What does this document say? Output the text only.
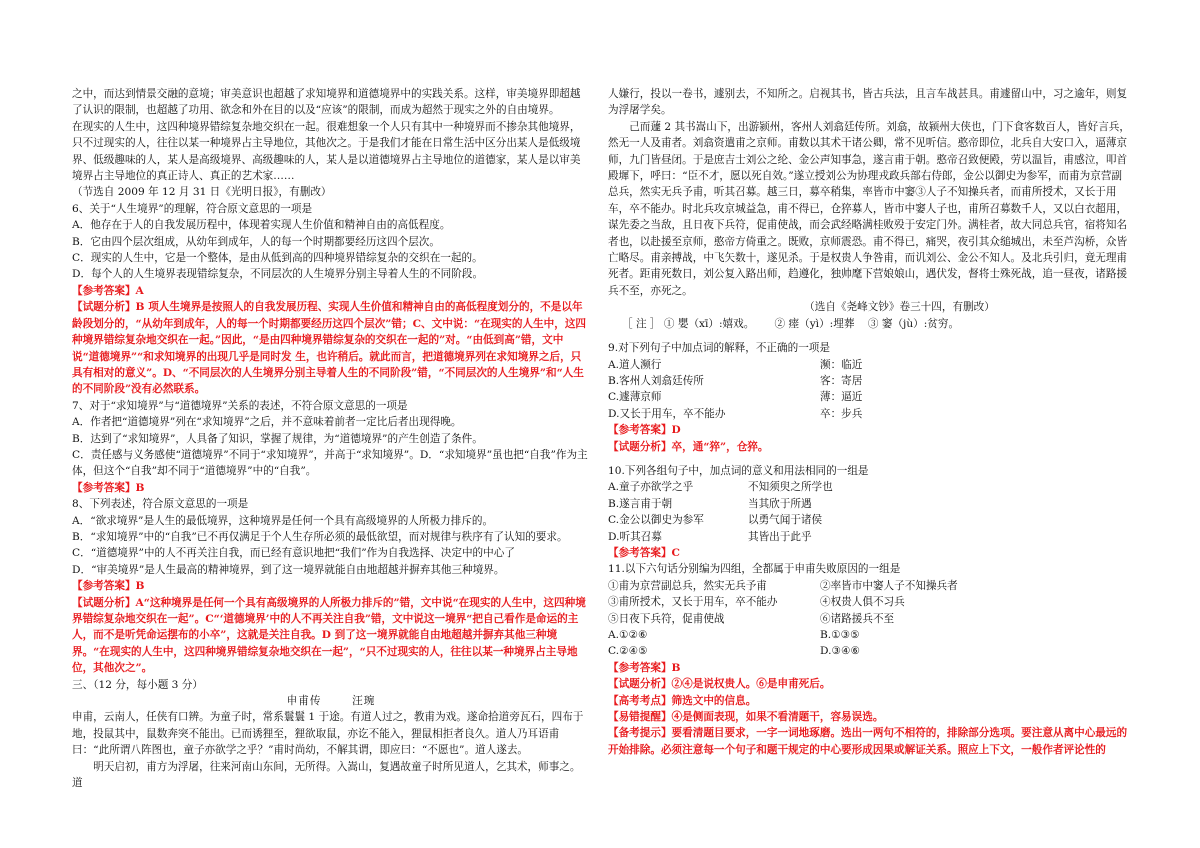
之中，而达到情景交融的意境；审美意识也超越了求知境界和道德境界中的实践关系。这样，审美境界即超越了认识的限制，也超越了功用、欲念和外在目的以及“应该”的限制，而成为超然于现实之外的自由境界。

在现实的人生中，这四种境界错综复杂地交织在一起。很难想象一个人只有其中一种境界而不掺杂其他境界，只不过现实的人，往往以某一种境界占主导地位，其他次之。于是我们才能在日常生活中区分出某人是低级境界、低级趣味的人，某人是高级境界、高级趣味的人，某人是以道德境界占主导地位的道德家，某人是以审美境界占主导地位的真正诗人、真正的艺术家……

（节选自 2009 年 12 月 31 日《光明日报》，有删改）

6、关于“人生境界”的理解，符合原文意思的一项是

A．他存在于人的自我发展历程中，体现着实现人生价值和精神自由的高低程度。

B．它由四个层次组成，从幼年到成年，人的每一个时期都要经历这四个层次。

C．现实的人生中，它是一个整体，是由从低到高的四种境界错综复杂的交织在一起的。

D．每个人的人生境界表现错综复杂，不同层次的人生境界分别主导着人生的不同阶段。

【参考答案】A

【试题分析】B 项人生境界是按照人的自我发展历程、实现人生价值和精神自由的高低程度划分的，不是以年龄段划分的，“从幼年到成年，人的每一个时期都要经历这四个层次”错；C、文中说：“在现实的人生中，这四种境界错综复杂地交织在一起。”因此，“是由四种境界错综复杂的交织在一起的”对。“由低到高”错，文中说“道德境界”“和求知境界的出现几乎是同时发 生，也许稍后。就此而言，把道德境界列在求知境界之后，只具有相对的意义”。D、“不同层次的人生境界分别主导着人生的不同阶段”错，“不同层次的人生境界”和“人生的不同阶段”没有必然联系。

7、对于“求知境界”与“道德境界”关系的表述，不符合原文意思的一项是

A．作者把“道德境界”列在“求知境界”之后，并不意味着前者一定比后者出现得晚。

B．达到了“求知境界”，人具备了知识，掌握了规律，为“道德境界”的产生创造了条件。

C．责任感与义务感使“道德境界”不同于“求知境界”，并高于“求知境界”。D．“求知境界”虽也把“自我”作为主体，但这个“自我”却不同于“道德境界”中的“自我”。

【参考答案】B

8、下列表述，符合原文意思的一项是

A．“欲求境界”是人生的最低境界，这种境界是任何一个具有高级境界的人所极力排斥的。

B．“求知境界”中的“自我”已不再仅满足于个人生存所必须的最低欲望，而对规律与秩序有了认知的要求。

C．“道德境界”中的人不再关注自我，而已经有意识地把“我们”作为自我选择、决定中的中心了

D．“审美境界”是人生最高的精神境界，到了这一境界就能自由地超越并摒弃其他三种境界。

【参考答案】B

【试题分析】A“这种境界是任何一个具有高级境界的人所极力排斥的”错，文中说“在现实的人生中，这四种境界错综复杂地交织在一起”。C“‘道德境界’中的人不再关注自我”错，文中说这一境界“把自己看作是命运的主人，而不是听凭命运摆布的小卒”，这就是关注自我。D 到了这一境界就能自由地超越并摒弃其他三种境界。“在现实的人生中，这四种境界错综复杂地交织在一起”，“只不过现实的人，往往以某一种境界占主导地位，其他次之”。

三、（12 分，每小题 3 分）

申甫传	汪琬

申甫，云南人，任侠有口辨。为童子时，常系鬟鬟 1 于途。有道人过之，教甫为戏。遂命拾道旁瓦石，四布于地，投鼠其中，鼠数奔突不能出。已而诱狸至，狸欲取鼠，亦讫不能入，狸鼠相拒者良久。道人乃耳语甫曰：“此所谓八阵图也，童子亦欲学之乎？”甫时尚幼，不解其谓，即应曰：“不愿也”。道人遂去。

明天启初，甫方为浮屠，往来河南山东间，无所得。入嵩山，复遇故童子时所见道人，乞其术，师事之。道

人嫌行，投以一卷书，遽别去，不知所之。启视其书，皆古兵法，且言车战甚具。甫遽留山中，习之逾年，则复为浮屠学矣。

己而蘧 2 其书嵩山下，出游颍州，客州人刘翕廷传所。刘翕，故颍州大侠也，门下食客数百人，皆好言兵，然无一人及甫者。刘翕资遣甫之京师。甫数以其术干诸公卿，常不见听信。憨帝即位，北兵自大安口入，逼薄京师，九门皆昼闭。于是庶吉士刘公之纶、金公声知事急，遂言甫于朝。憨帝召致便殿，劳以温旨，甫感泣，叩首殿墀下，呼曰：“臣不才，愿以死自效。”遂立授刘公为协理戎政兵部右侍郎，金公以御史为参军，而甫为京营副总兵，然实无兵予甫，听其召募。越三日，募卒稍集，率皆市中窭③人子不知操兵者，而甫所授术，又长于用车，卒不能办。时北兵攻京城益急，甫不得已，仓猝募人，皆市中窭人子也，甫所召募数千人，又以白衣超用，谋先委之当敌，且日夜下兵符，促甫使战，而会武经略满桂败殁于安定门外。满桂者，故大同总兵官，宿将知名者也，以赴援至京师，憨帝方倚重之。既败，京师震恐。甫不得已，痛哭，夜引其众缒城出，未至芦沟桥，众皆亡略尽。甫亲搏战，中飞矢数十，遂见杀。于是权贵人争咎甫，而讥刘公、金公不知人。及北兵引归，竟无理甫死者。距甫死数日，刘公复入路出师，趋遵化，独帅麾下营娘娘山，遇伏发，督将士殊死战，追一昼夜，诸路援兵不至，亦死之。

（选自《尧峰文钞》卷三十四，有删改）

［ 注 ］ ① 嬰（xī）:嬉戏。      ② 瘗（yì）:埋葬    ③ 窭（jù）:贫穷。

9.对下列句子中加点词的解释，不正确的一项是

A.道人濒行	濒：临近
B.客州人刘翕廷传所	客：寄居
C.遽薄京师	薄：逼近
D.又长于用车，卒不能办	卒：步兵

【参考答案】D

【试题分析】卒，通“猝”，仓猝。

10.下列各组句子中，加点词的意义和用法相同的一组是

A.童子亦欲学之乎	不知须臾之所学也
B.遂言甫于朝	当其欣于所遇
C.金公以御史为参军	以勇气闻于诸侯
D.听其召募	其皆出于此乎

【参考答案】C

11.以下六句话分别编为四组，全都属于申甫失败原因的一组是

①甫为京营副总兵，然实无兵予甫	②率皆市中窭人子不知操兵者
③甫所授术，又长于用车，卒不能办	④权贵人俱不习兵
⑤日夜下兵符，促甫使战	⑥诸路援兵不至
A.①②⑥	B.①③⑤
C.②④⑤	D.③④⑥

【参考答案】B

【试题分析】②④是说权贵人。⑥是申甫死后。

【高考考点】筛选文中的信息。

【易错提醒】④是侧面表现，如果不看清题干，容易误选。

【备考提示】要看清题目要求，一字一词地琢磨。选出一两句不相符的，排除部分选项。要注意从离中心最远的开始排除。必须注意每一个句子和题干规定的中心要形成因果或解证关系。照应上下文，一般作者评论性的
